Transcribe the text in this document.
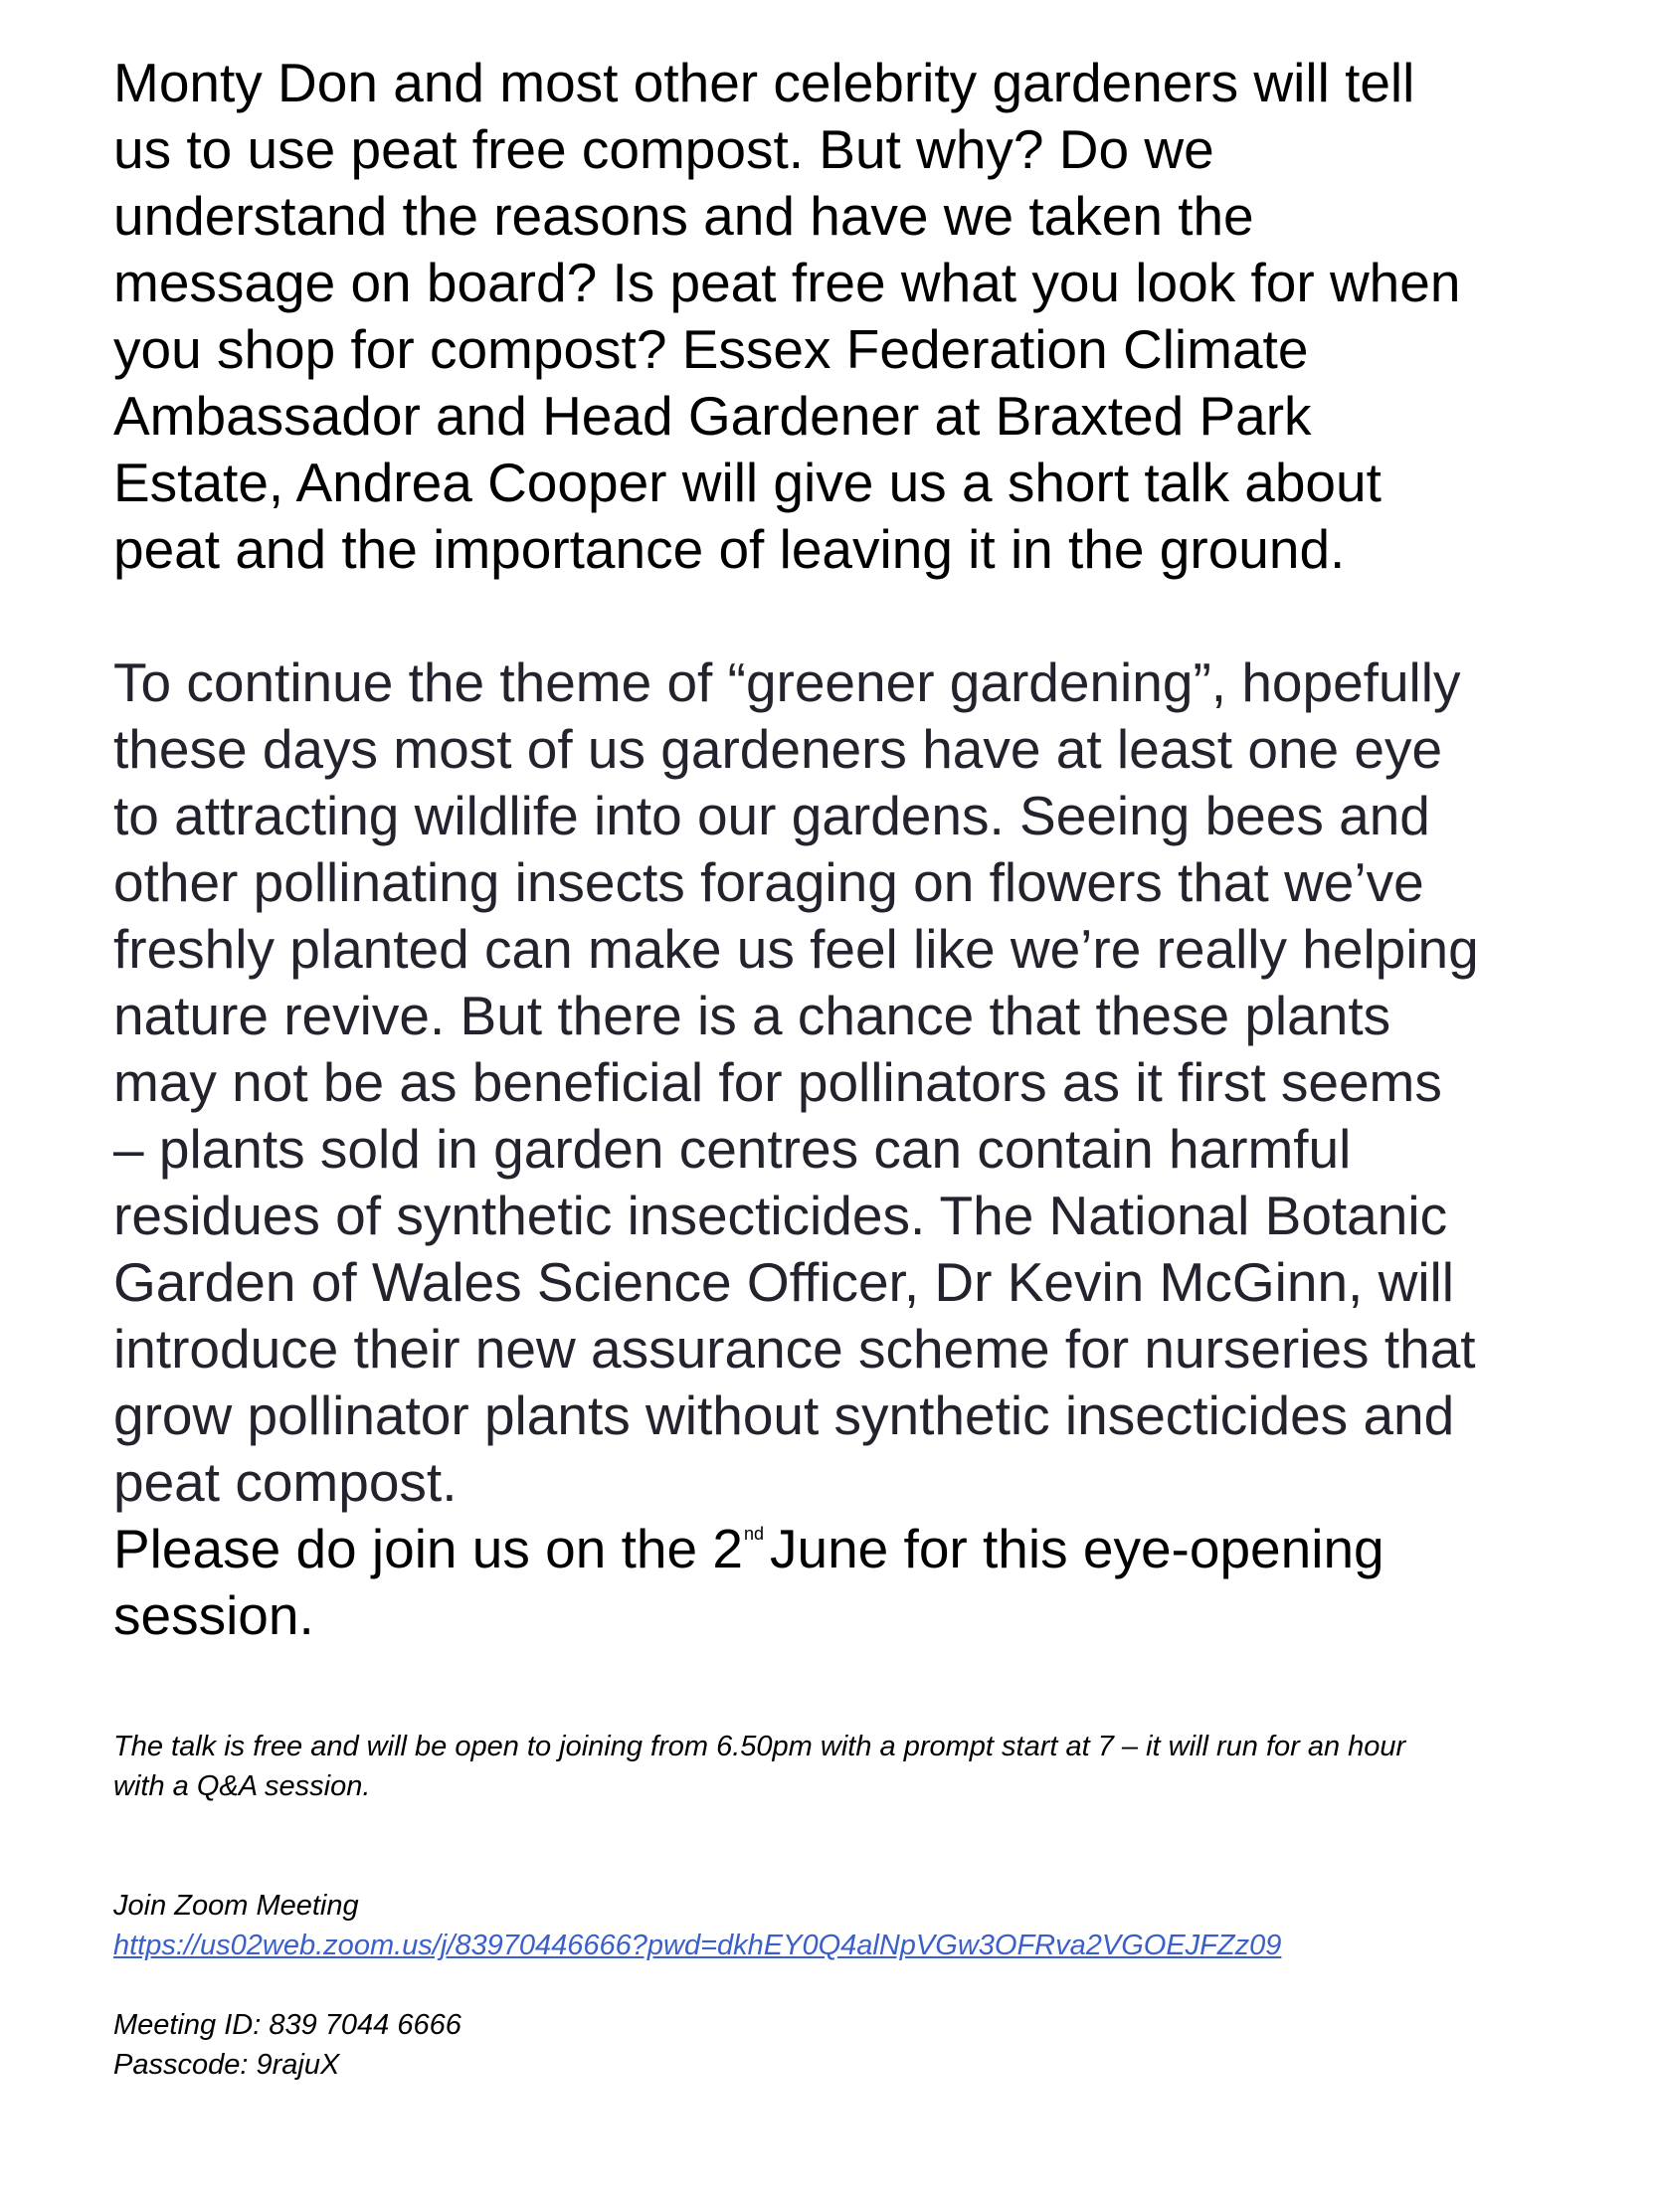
Monty Don and most other celebrity gardeners will tell
us to use peat free compost. But why? Do we
understand the reasons and have we taken the
message on board? Is peat free what you look for when
you shop for compost? Essex Federation Climate
Ambassador and Head Gardener at Braxted Park
Estate, Andrea Cooper will give us a short talk about
peat and the importance of leaving it in the ground.

To continue the theme of “greener gardening”, hopefully
these days most of us gardeners have at least one eye
to attracting wildlife into our gardens. Seeing bees and
other pollinating insects foraging on flowers that we’ve
freshly planted can make us feel like we’re really helping
nature revive. But there is a chance that these plants
may not be as beneficial for pollinators as it first seems
– plants sold in garden centres can contain harmful
residues of synthetic insecticides. The National Botanic
Garden of Wales Science Officer, Dr Kevin McGinn, will
introduce their new assurance scheme for nurseries that
grow pollinator plants without synthetic insecticides and
peat compost.

Please do join us on the 2nd June for this eye-opening
session.

The talk is free and will be open to joining from 6.50pm with a prompt start at 7 – it will run for an hour
with a Q&A session.

Join Zoom Meeting
https://us02web.zoom.us/j/83970446666?pwd=dkhEY0Q4alNpVGw3OFRva2VGOEJFZz09

Meeting ID: 839 7044 6666
Passcode: 9rajuX
